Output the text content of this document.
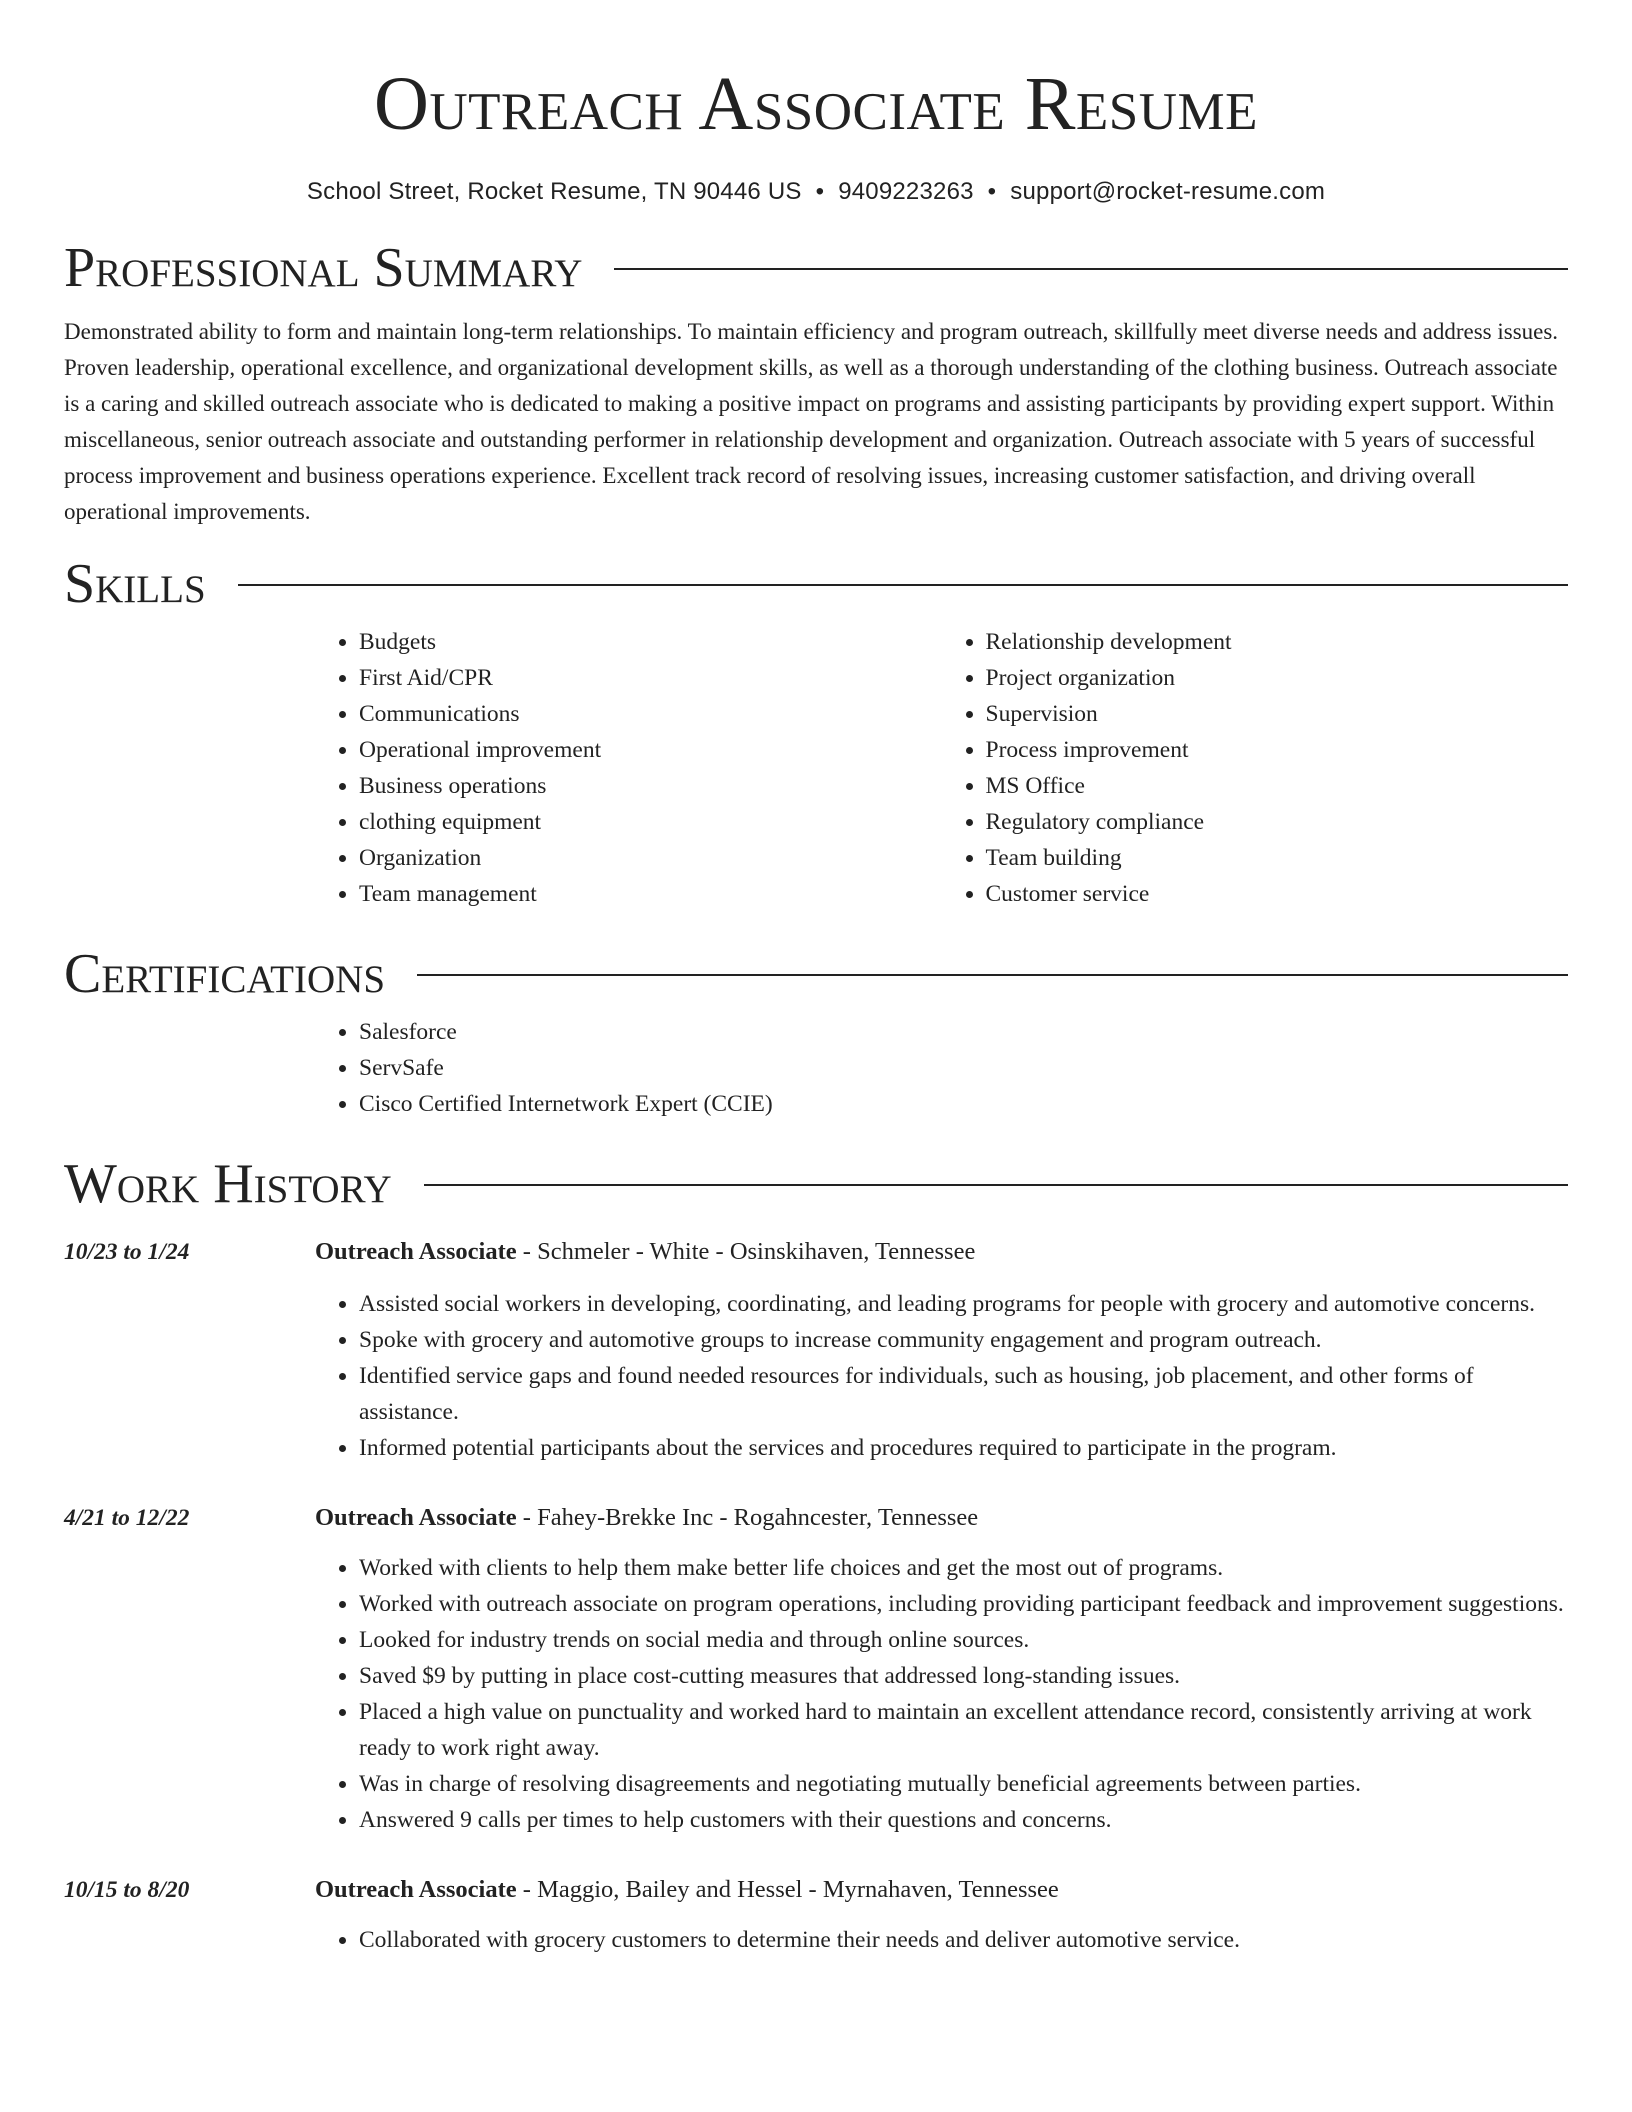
Outreach Associate Resume
School Street, Rocket Resume, TN 90446 US • 9409223263 • support@rocket-resume.com
Professional Summary

Demonstrated ability to form and maintain long-term relationships. To maintain efficiency and program outreach, skillfully meet diverse needs and address issues. Proven leadership, operational excellence, and organizational development skills, as well as a thorough understanding of the clothing business. Outreach associate is a caring and skilled outreach associate who is dedicated to making a positive impact on programs and assisting participants by providing expert support. Within miscellaneous, senior outreach associate and outstanding performer in relationship development and organization. Outreach associate with 5 years of successful process improvement and business operations experience. Excellent track record of resolving issues, increasing customer satisfaction, and driving overall operational improvements.

Skills
• Budgets
• First Aid/CPR
• Communications
• Operational improvement
• Business operations
• clothing equipment
• Organization
• Team management
• Relationship development
• Project organization
• Supervision
• Process improvement
• MS Office
• Regulatory compliance
• Team building
• Customer service
Certifications
• Salesforce
• ServSafe
• Cisco Certified Internetwork Expert (CCIE)
Work History
10/23 to 1/24	Outreach Associate - Schmeler - White - Osinskihaven, Tennessee
• Assisted social workers in developing, coordinating, and leading programs for people with grocery and automotive concerns.
• Spoke with grocery and automotive groups to increase community engagement and program outreach.
• Identified service gaps and found needed resources for individuals, such as housing, job placement, and other forms of assistance.
• Informed potential participants about the services and procedures required to participate in the program.
4/21 to 12/22	Outreach Associate - Fahey-Brekke Inc - Rogahncester, Tennessee
• Worked with clients to help them make better life choices and get the most out of programs.
• Worked with outreach associate on program operations, including providing participant feedback and improvement suggestions.
• Looked for industry trends on social media and through online sources.
• Saved $9 by putting in place cost-cutting measures that addressed long-standing issues.
• Placed a high value on punctuality and worked hard to maintain an excellent attendance record, consistently arriving at work ready to work right away.
• Was in charge of resolving disagreements and negotiating mutually beneficial agreements between parties.
• Answered 9 calls per times to help customers with their questions and concerns.
10/15 to 8/20	Outreach Associate - Maggio, Bailey and Hessel - Myrnahaven, Tennessee
• Collaborated with grocery customers to determine their needs and deliver automotive service.
